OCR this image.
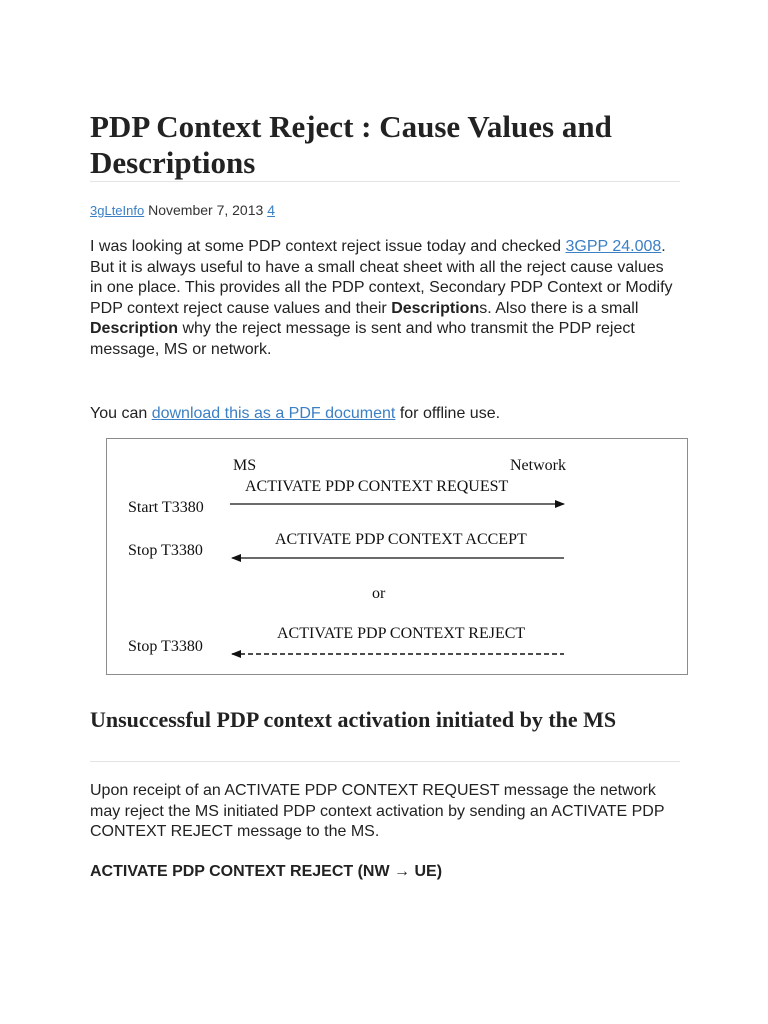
PDP Context Reject : Cause Values and Descriptions
3gLteInfo November 7, 2013 4

I was looking at some PDP context reject issue today and checked 3GPP 24.008. But it is always useful to have a small cheat sheet with all the reject cause values in one place. This provides all the PDP context, Secondary PDP Context or Modify PDP context reject cause values and their Descriptions. Also there is a small Description why the reject message is sent and who transmit the PDP reject message, MS or network.

You can download this as a PDF document for offline use.

MS	Network
ACTIVATE PDP CONTEXT REQUEST
Start T3380
ACTIVATE PDP CONTEXT ACCEPT
Stop T3380
or
ACTIVATE PDP CONTEXT REJECT
Stop T3380
Unsuccessful PDP context activation initiated by the MS

Upon receipt of an ACTIVATE PDP CONTEXT REQUEST message the network may reject the MS initiated PDP context activation by sending an ACTIVATE PDP CONTEXT REJECT message to the MS.

ACTIVATE PDP CONTEXT REJECT (NW → UE)
